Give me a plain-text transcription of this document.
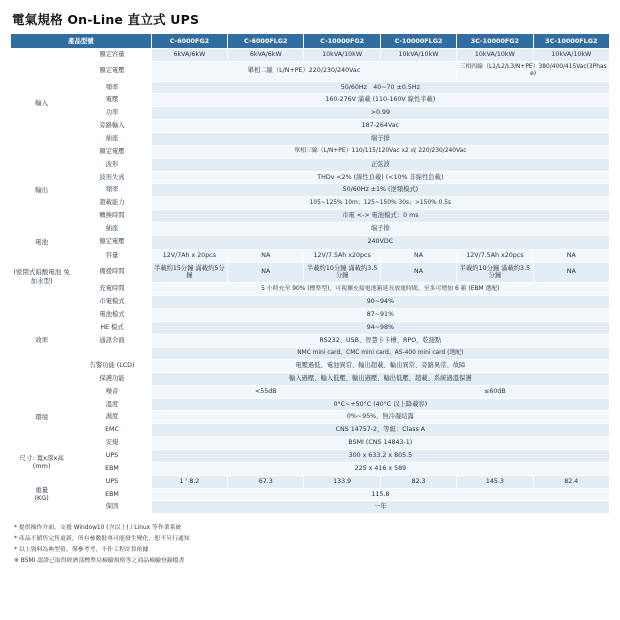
電氣規格 On-Line 直立式 UPS
產品型號		C-6000FG2	C-6000FLG2	C-10000FG2	C-10000FLG2	3C-10000FG2	3C-10000FLG2
	額定容量	6kVA/6kW	6kVA/6kW	10kVA/10kW	10kVA/10kW	10kVA/10kW	10kVA/10kW
輸入	額定電壓	單相二線（L/N+PE）220/230/240Vac				三相四線（L1/L2/L3/N+PE）380/400/415Vac(3Phase)	
	頻率	50/60Hz　40~70 ±0.5Hz					
	電壓	160-276V 滿載 (110-160V 線性半載)					
	功率	>0.99					
	旁路輸入	187-264Vac					
	插座	端子排					
輸出	額定電壓	單相三線（L/N+PE）110/115/120Vac x2 或 220/230/240Vac					
	波形	正弦波					
	波形失真	THDv <2% (線性負載) (<10% 非線性負載)					
	頻率	50/60Hz ±1% (逆頻模式)					
	超載能力	105~125% 10m；125~150% 30s；>150% 0.5s					
	轉換時間	市電 <-> 電池模式：0 ms					
	插座	端子排					
電池	額定電壓	240VDC					

(密閉式鉛酸電池 免加水型)	容量	12V/7Ah x 20pcs	NA	12V/7.5Ah x20pcs	NA	12V/7.5Ah x20pcs	NA
	備援時間	半載約15分鐘 滿載約5分鐘	NA	半載約10分鐘 滿載約3.5分鐘	NA	半載約10分鐘 滿載約3.5分鐘	NA
	充電時間	5 小時充至 90% (標準型)，可視擴充接電池箱延長放電時間，至多可增加 6 箱 (EBM 選配)					
效率	市電模式	90~94%					
	電池模式	87~91%					
	HE 模式	94~98%					
	通訊介面	RS232、USB、智慧卡卡槽、RPO、乾接點					
		NMC mini card、CMC mini card、AS-400 mini card (選配)					
	告警功能 (LCD)	電壓過低、電池異常、輸出超載、輸出異常、旁路異常、故障					
	保護功能	輸入過壓、輸入低壓、輸出過壓、輸出低壓、超載、系統過溫保護					
環境	噪音	<55dB			≤60dB		
	溫度	0°C~+50°C (40°C 以上降載容)					
	濕度	0%~95%，無冷凝結露					
	EMC	CNS 14757-2，等級：Class A					
	安規	BSMI (CNS 14843-1)					
尺寸: 寬x深x高
(mm)	UPS	300 x 633.2 x 805.5					
	EBM	225 x 416 x 589					
重量
(KG)	UPS	1 ' 8.2	67.3	133.9	82.3	145.3	82.4
	EBM	115.8					
	保固	一年					
* 提供操作介面，支援 Window10 (含以上) / Linux 等作業系統
* 產品不銷售完售更新，所有參數批專可能發生變化，恕不另行通知
* 以上資料為典型值，僅參考考，不作工程計算依據
※ BSMI 認證已取得經濟部標準局檢驗規格等之商品檢驗登錄檔書
